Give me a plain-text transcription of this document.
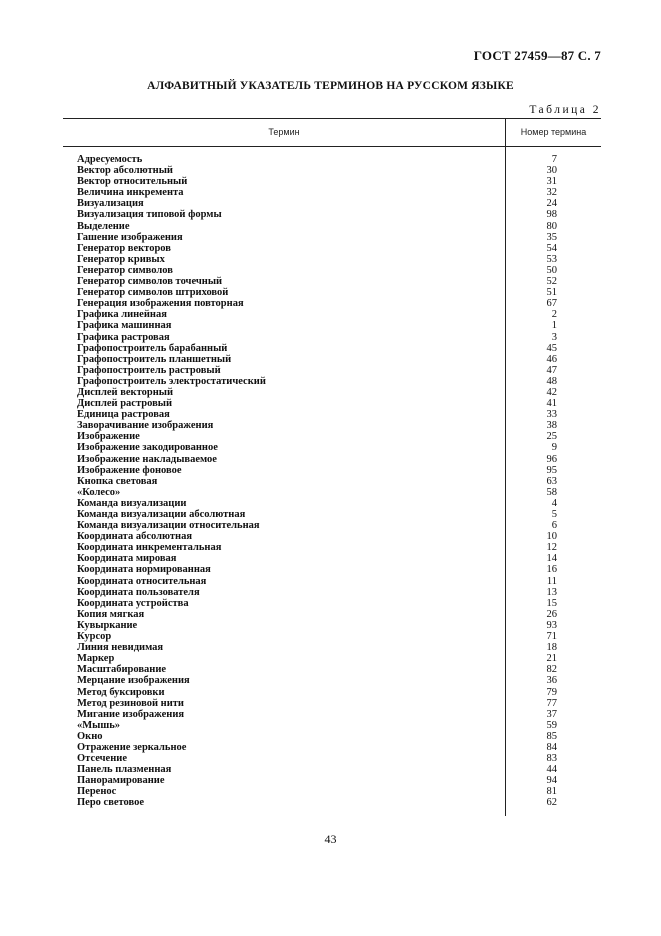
ГОСТ 27459—87 С. 7
АЛФАВИТНЫЙ УКАЗАТЕЛЬ ТЕРМИНОВ НА РУССКОМ ЯЗЫКЕ
Таблица 2
Термин	Номер термина
Адресуемость	7
Вектор абсолютный	30
Вектор относительный	31
Величина инкремента	32
Визуализация	24
Визуализация типовой формы	98
Выделение	80
Гашение изображения	35
Генератор векторов	54
Генератор кривых	53
Генератор символов	50
Генератор символов точечный	52
Генератор символов штриховой	51
Генерация изображения повторная	67
Графика линейная	2
Графика машинная	1
Графика растровая	3
Графопостроитель барабанный	45
Графопостроитель планшетный	46
Графопостроитель растровый	47
Графопостроитель электростатический	48
Дисплей векторный	42
Дисплей растровый	41
Единица растровая	33
Заворачивание изображения	38
Изображение	25
Изображение закодированное	9
Изображение накладываемое	96
Изображение фоновое	95
Кнопка световая	63
«Колесо»	58
Команда визуализации	4
Команда визуализации абсолютная	5
Команда визуализации относительная	6
Координата абсолютная	10
Координата инкрементальная	12
Координата мировая	14
Координата нормированная	16
Координата относительная	11
Координата пользователя	13
Координата устройства	15
Копия мягкая	26
Кувыркание	93
Курсор	71
Линия невидимая	18
Маркер	21
Масштабирование	82
Мерцание изображения	36
Метод буксировки	79
Метод резиновой нити	77
Мигание изображения	37
«Мышь»	59
Окно	85
Отражение зеркальное	84
Отсечение	83
Панель плазменная	44
Панорамирование	94
Перенос	81
Перо световое	62
43
